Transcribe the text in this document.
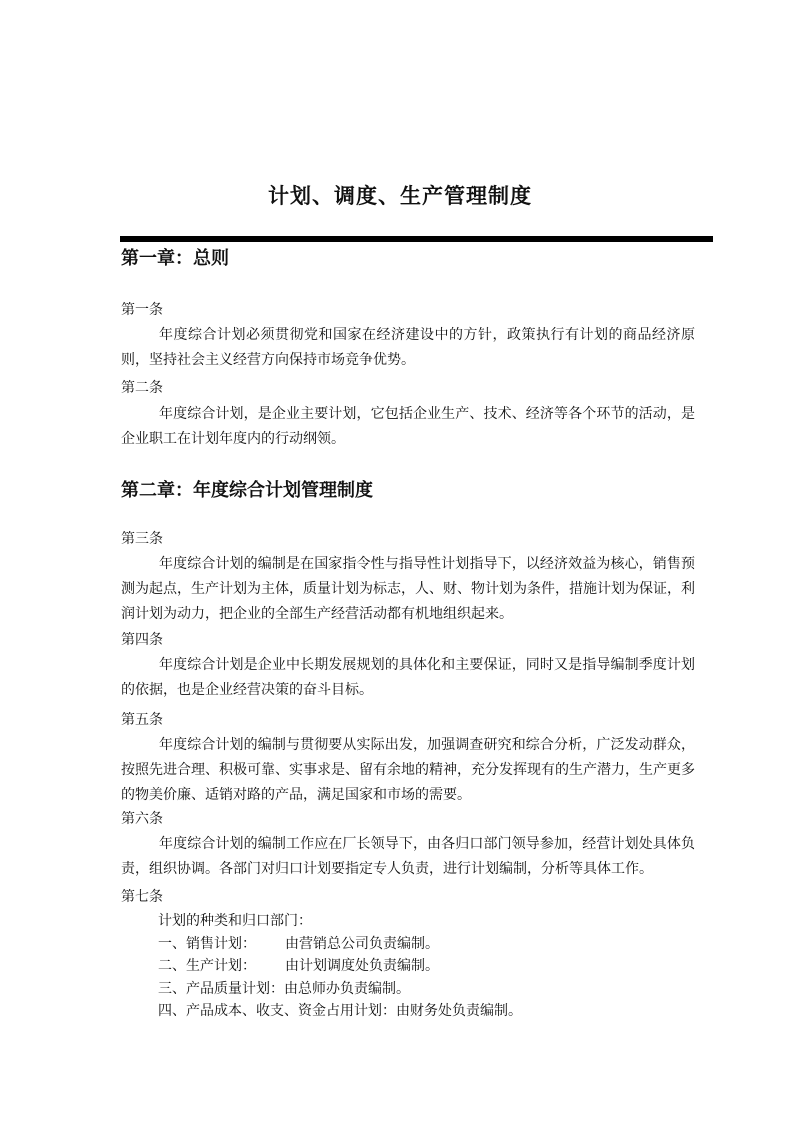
计划、调度、生产管理制度
第一章：总则
第一条
年度综合计划必须贯彻党和国家在经济建设中的方针，政策执行有计划的商品经济原则，坚持社会主义经营方向保持市场竞争优势。
第二条
年度综合计划，是企业主要计划，它包括企业生产、技术、经济等各个环节的活动，是企业职工在计划年度内的行动纲领。
第二章：年度综合计划管理制度
第三条
年度综合计划的编制是在国家指令性与指导性计划指导下，以经济效益为核心，销售预测为起点，生产计划为主体，质量计划为标志，人、财、物计划为条件，措施计划为保证，利润计划为动力，把企业的全部生产经营活动都有机地组织起来。
第四条
年度综合计划是企业中长期发展规划的具体化和主要保证，同时又是指导编制季度计划的依据，也是企业经营决策的奋斗目标。
第五条
年度综合计划的编制与贯彻要从实际出发，加强调查研究和综合分析，广泛发动群众，按照先进合理、积极可靠、实事求是、留有余地的精神，充分发挥现有的生产潜力，生产更多的物美价廉、适销对路的产品，满足国家和市场的需要。
第六条
年度综合计划的编制工作应在厂长领导下，由各归口部门领导参加，经营计划处具体负责，组织协调。各部门对归口计划要指定专人负责，进行计划编制，分析等具体工作。
第七条
计划的种类和归口部门：
一、销售计划： 由营销总公司负责编制。
二、生产计划： 由计划调度处负责编制。
三、产品质量计划：由总师办负责编制。
四、产品成本、收支、资金占用计划：由财务处负责编制。
